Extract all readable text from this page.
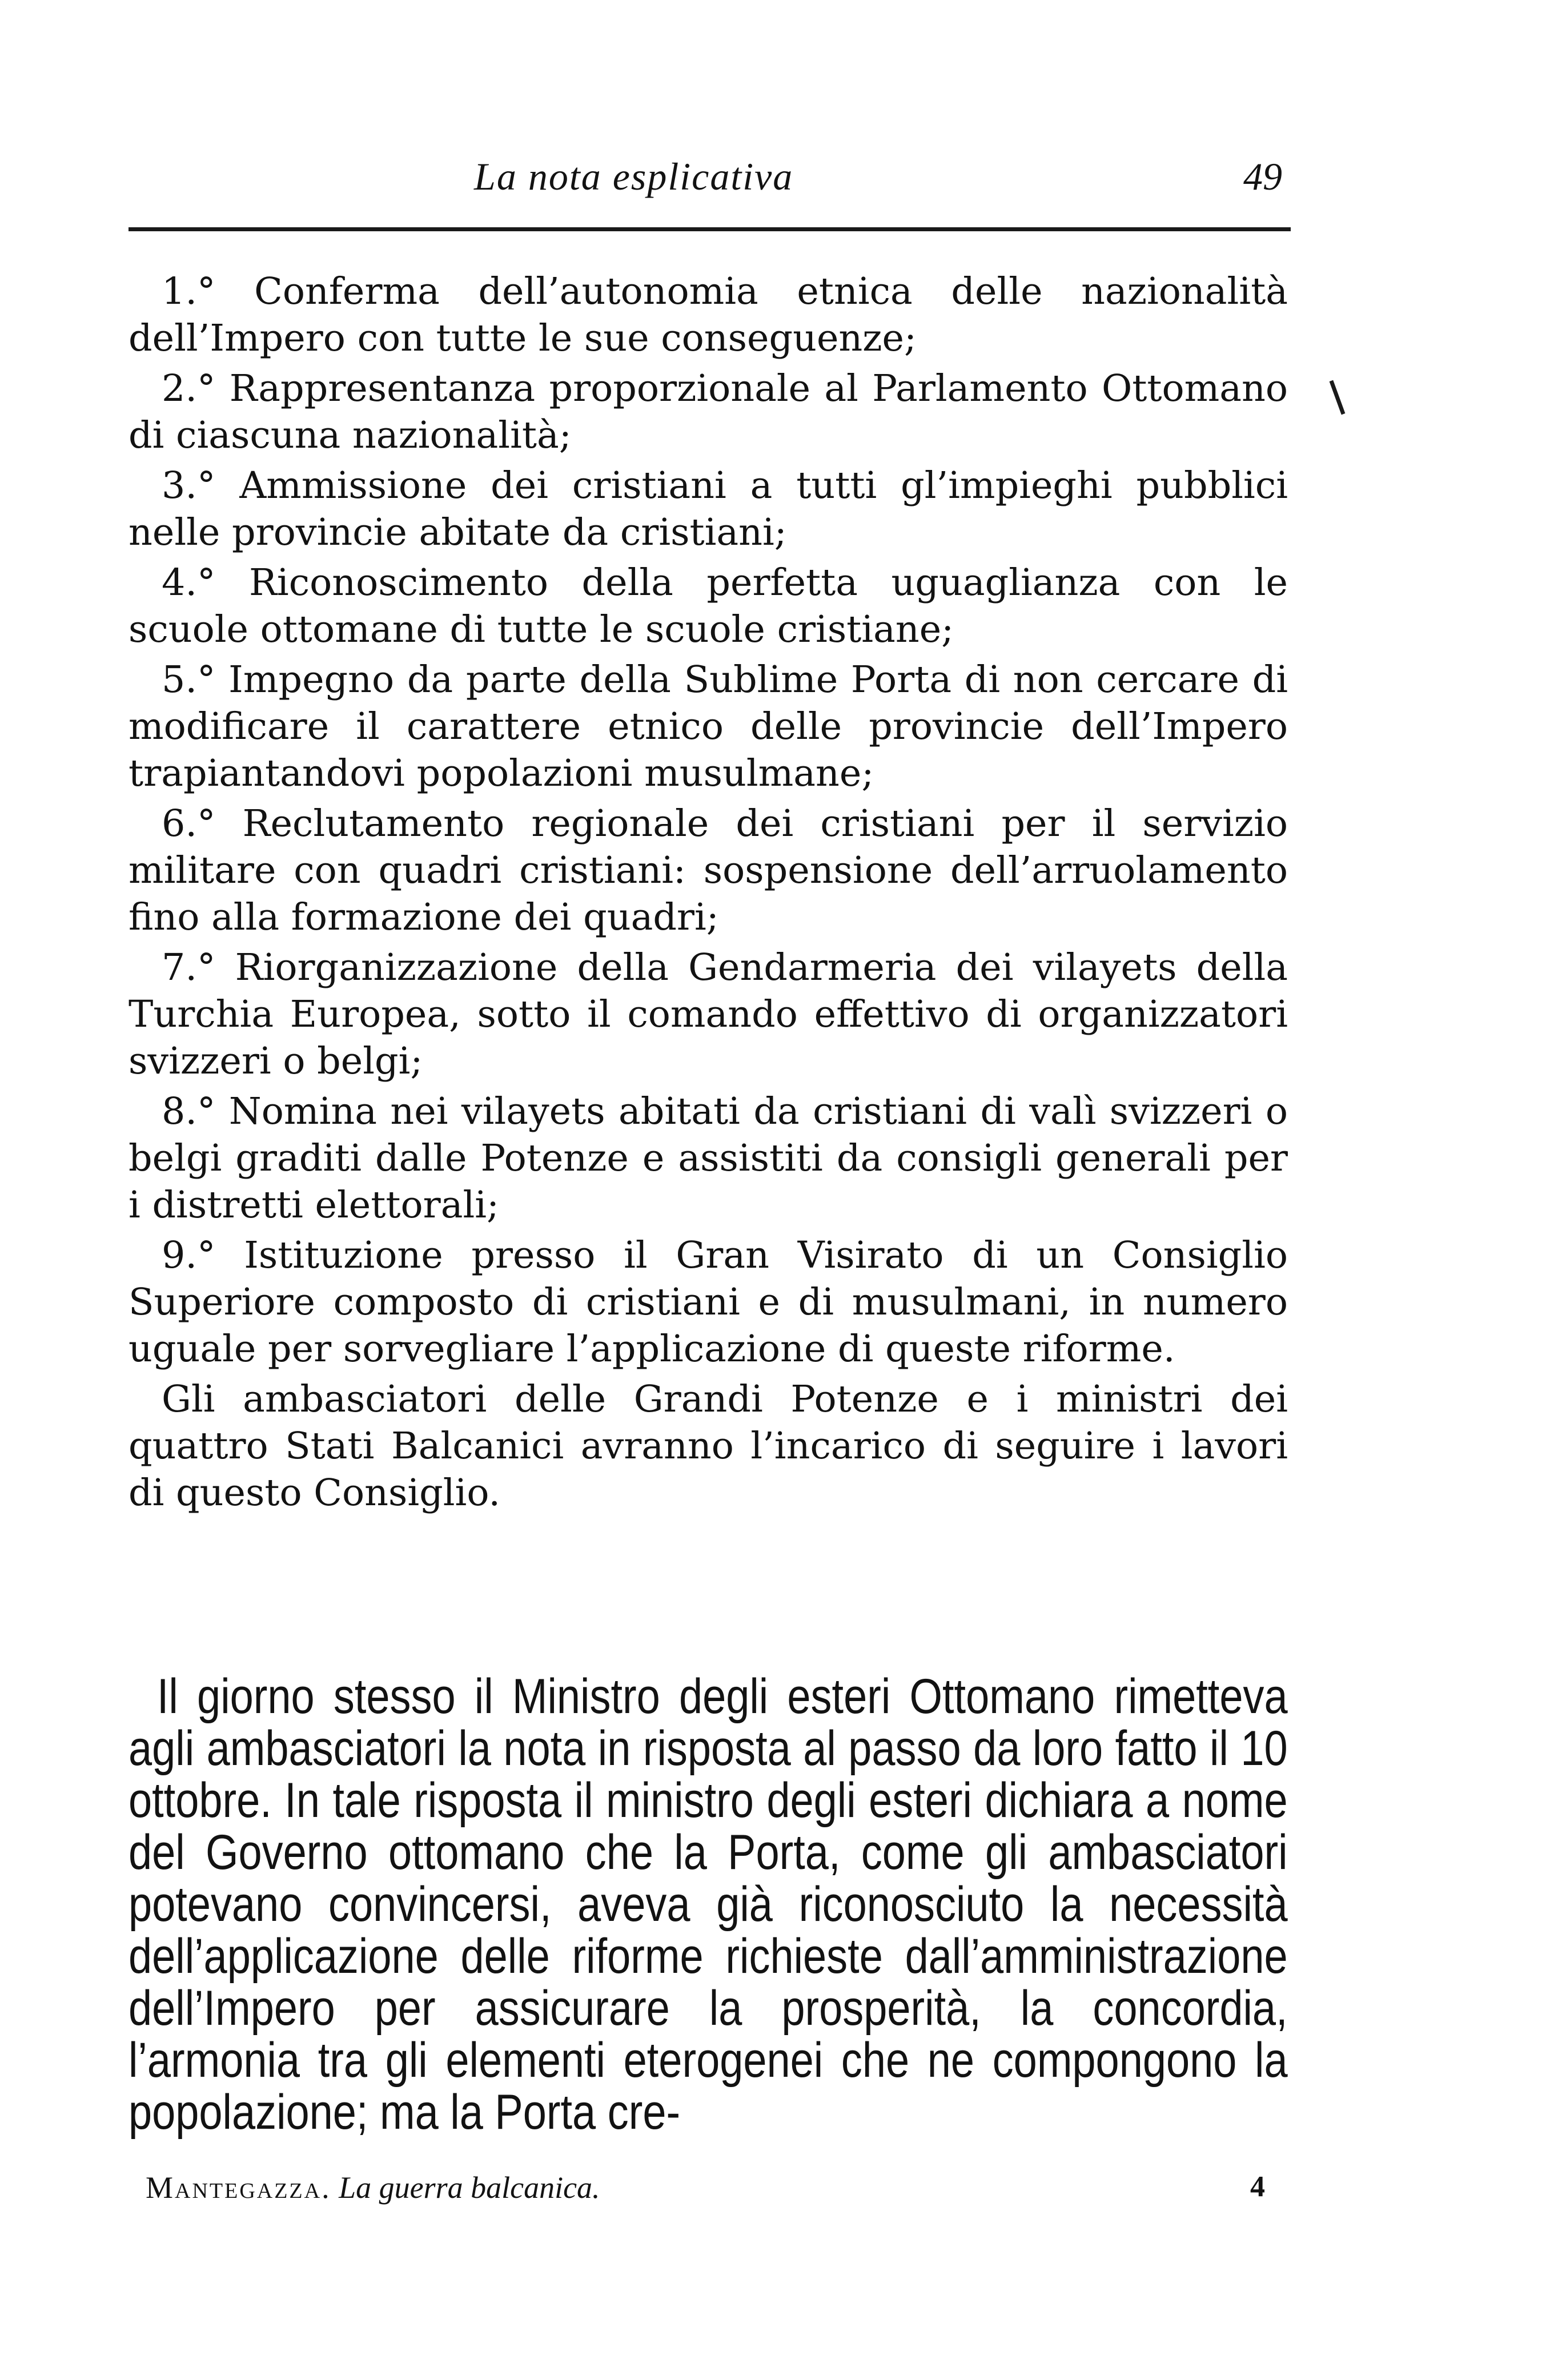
La nota esplicativa	49

1.° Conferma dell’autonomia etnica delle nazionalità dell’Impero con tutte le sue conseguenze;

2.° Rappresentanza proporzionale al Parlamento Ottomano di ciascuna nazionalità;

3.° Ammissione dei cristiani a tutti gl’impieghi pubblici nelle provincie abitate da cristiani;

4.° Riconoscimento della perfetta uguaglianza con le scuole ottomane di tutte le scuole cristiane;

5.° Impegno da parte della Sublime Porta di non cercare di modificare il carattere etnico delle provincie dell’Impero trapiantandovi popolazioni musulmane;

6.° Reclutamento regionale dei cristiani per il servizio militare con quadri cristiani: sospensione dell’arruolamento fino alla formazione dei quadri;

7.° Riorganizzazione della Gendarmeria dei vilayets della Turchia Europea, sotto il comando effettivo di organizzatori svizzeri o belgi;

8.° Nomina nei vilayets abitati da cristiani di valì svizzeri o belgi graditi dalle Potenze e assistiti da consigli generali per i distretti elettorali;

9.° Istituzione presso il Gran Visirato di un Consiglio Superiore composto di cristiani e di musulmani, in numero uguale per sorvegliare l’applicazione di queste riforme.

Gli ambasciatori delle Grandi Potenze e i ministri dei quattro Stati Balcanici avranno l’incarico di seguire i lavori di questo Consiglio.

Il giorno stesso il Ministro degli esteri Ottomano rimetteva agli ambasciatori la nota in risposta al passo da loro fatto il 10 ottobre. In tale risposta il ministro degli esteri dichiara a nome del Governo ottomano che la Porta, come gli ambasciatori potevano convincersi, aveva già riconosciuto la necessità dell’applicazione delle riforme richieste dall’amministrazione dell’Impero per assicurare la prosperità, la concordia, l’armonia tra gli elementi eterogenei che ne compongono la popolazione; ma la Porta cre-

Mantegazza. La guerra balcanica.	4
